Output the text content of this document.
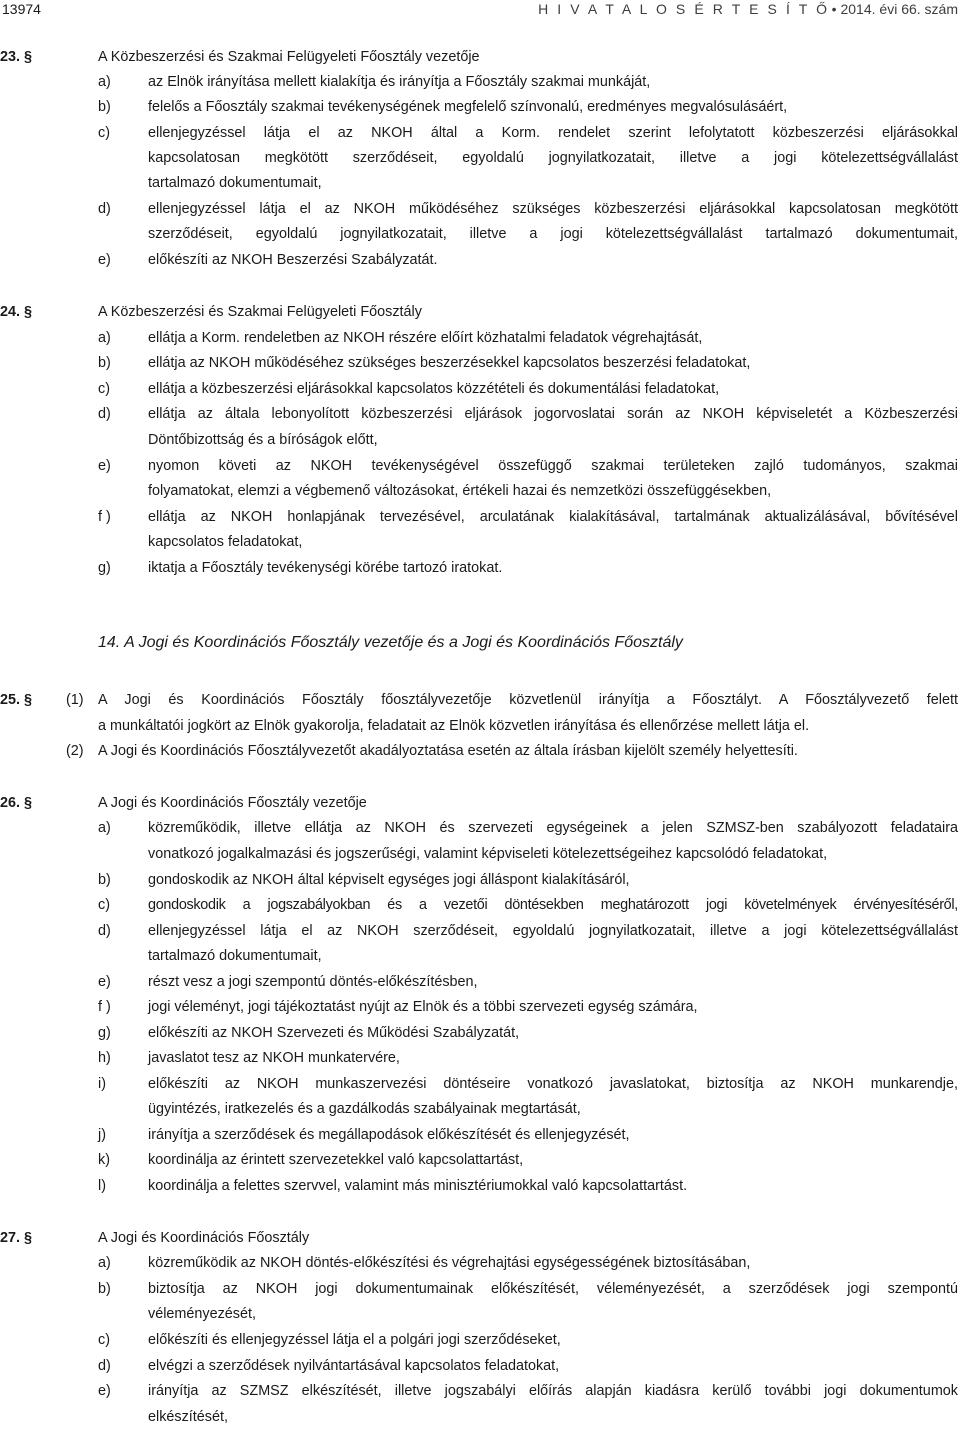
13974	H I V A T A L O S É R T E S Í T Ő • 2014. évi 66. szám
23. §	A Közbeszerzési és Szakmai Felügyeleti Főosztály vezetője
a)	az Elnök irányítása mellett kialakítja és irányítja a Főosztály szakmai munkáját,
b)	felelős a Főosztály szakmai tevékenységének megfelelő színvonalú, eredményes megvalósulásáért,
c)	ellenjegyzéssel látja el az NKOH által a Korm. rendelet szerint lefolytatott közbeszerzési eljárásokkal
kapcsolatosan megkötött szerződéseit, egyoldalú jognyilatkozatait, illetve a jogi kötelezettségvállalást
tartalmazó dokumentumait,
d)	ellenjegyzéssel látja el az NKOH működéséhez szükséges közbeszerzési eljárásokkal kapcsolatosan megkötött
szerződéseit, egyoldalú jognyilatkozatait, illetve a jogi kötelezettségvállalást tartalmazó dokumentumait,
e)	előkészíti az NKOH Beszerzési Szabályzatát.
24. §	A Közbeszerzési és Szakmai Felügyeleti Főosztály
a)	ellátja a Korm. rendeletben az NKOH részére előírt közhatalmi feladatok végrehajtását,
b)	ellátja az NKOH működéséhez szükséges beszerzésekkel kapcsolatos beszerzési feladatokat,
c)	ellátja a közbeszerzési eljárásokkal kapcsolatos közzétételi és dokumentálási feladatokat,
d)	ellátja az általa lebonyolított közbeszerzési eljárások jogorvoslatai során az NKOH képviseletét a Közbeszerzési
Döntőbizottság és a bíróságok előtt,
e)	nyomon követi az NKOH tevékenységével összefüggő szakmai területeken zajló tudományos, szakmai
folyamatokat, elemzi a végbemenő változásokat, értékeli hazai és nemzetközi összefüggésekben,
f )	ellátja az NKOH honlapjának tervezésével, arculatának kialakításával, tartalmának aktualizálásával, bővítésével
kapcsolatos feladatokat,
g)	iktatja a Főosztály tevékenységi körébe tartozó iratokat.
14. A Jogi és Koordinációs Főosztály vezetője és a Jogi és Koordinációs Főosztály
25. §	(1) A Jogi és Koordinációs Főosztály főosztályvezetője közvetlenül irányítja a Főosztályt. A Főosztályvezető felett
a munkáltatói jogkört az Elnök gyakorolja, feladatait az Elnök közvetlen irányítása és ellenőrzése mellett látja el.
(2) A Jogi és Koordinációs Főosztályvezetőt akadályoztatása esetén az általa írásban kijelölt személy helyettesíti.
26. §	A Jogi és Koordinációs Főosztály vezetője
a)	közreműködik, illetve ellátja az NKOH és szervezeti egységeinek a jelen SZMSZ-ben szabályozott feladataira
vonatkozó jogalkalmazási és jogszerűségi, valamint képviseleti kötelezettségeihez kapcsolódó feladatokat,
b)	gondoskodik az NKOH által képviselt egységes jogi álláspont kialakításáról,
c)	gondoskodik a jogszabályokban és a vezetői döntésekben meghatározott jogi követelmények érvényesítéséről,
d)	ellenjegyzéssel látja el az NKOH szerződéseit, egyoldalú jognyilatkozatait, illetve a jogi kötelezettségvállalást
tartalmazó dokumentumait,
e)	részt vesz a jogi szempontú döntés-előkészítésben,
f )	jogi véleményt, jogi tájékoztatást nyújt az Elnök és a többi szervezeti egység számára,
g)	előkészíti az NKOH Szervezeti és Működési Szabályzatát,
h)	javaslatot tesz az NKOH munkatervére,
i)	előkészíti az NKOH munkaszervezési döntéseire vonatkozó javaslatokat, biztosítja az NKOH munkarendje,
ügyintézés, iratkezelés és a gazdálkodás szabályainak megtartását,
j)	irányítja a szerződések és megállapodások előkészítését és ellenjegyzését,
k)	koordinálja az érintett szervezetekkel való kapcsolattartást,
l)	koordinálja a felettes szervvel, valamint más minisztériumokkal való kapcsolattartást.
27. §	A Jogi és Koordinációs Főosztály
a)	közreműködik az NKOH döntés-előkészítési és végrehajtási egységességének biztosításában,
b)	biztosítja az NKOH jogi dokumentumainak előkészítését, véleményezését, a szerződések jogi szempontú
véleményezését,
c)	előkészíti és ellenjegyzéssel látja el a polgári jogi szerződéseket,
d)	elvégzi a szerződések nyilvántartásával kapcsolatos feladatokat,
e)	irányítja az SZMSZ elkészítését, illetve jogszabályi előírás alapján kiadásra kerülő további jogi dokumentumok
elkészítését,
